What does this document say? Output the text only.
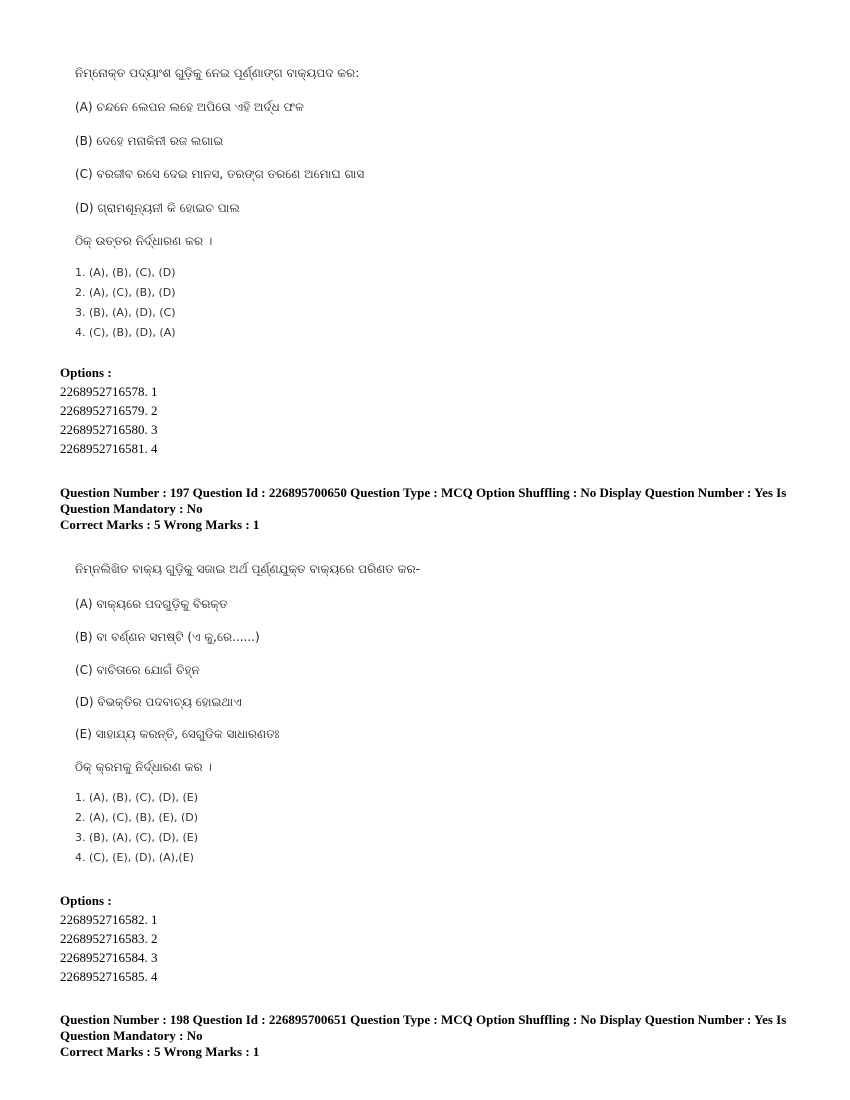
ନିମ୍ନୋକ୍ତ ପଦ୍ୟାଂଶ ଗୁଡ଼ିକୁ ନେଇ ପୂର୍ଣ୍ଣାଙ୍ଗ ବାକ୍ୟପଦ କର:
(A) ଚନ୍ଦନେ ଲେପନ ଲହେ ଅପିତୋ ଏହି ଅର୍ଦ୍ଧ ଫଳ
(B) ଦେହେ ମନାକିନୀ ରଜ ଲଗାଇ
(C) ବରଜୀବ ରସେ ଦେଇ ମାନସ, ତରଙ୍ଗ ତରଣେ ଅମୋଘ ଗାସ
(D) ଗ୍ରାମଶୂନ୍ୟନୀ କି ହୋଇଚ ପାଲ
ଠିକ୍ ଉତ୍ତର ନିର୍ଦ୍ଧାରଣ କର ।
1. (A), (B), (C), (D)
2. (A), (C), (B), (D)
3. (B), (A), (D), (C)
4. (C), (B), (D), (A)
Options :
2268952716578. 1
2268952716579. 2
2268952716580. 3
2268952716581. 4
Question Number : 197 Question Id : 226895700650 Question Type : MCQ Option Shuffling : No Display Question Number : Yes Is
Question Mandatory : No
Correct Marks : 5 Wrong Marks : 1
ନିମ୍ନଲିଖିତ ବାକ୍ୟ ଗୁଡ଼ିକୁ ସଜାଇ ଅର୍ଥ ପୂର୍ଣ୍ଣଯୁକ୍ତ ବାକ୍ୟରେ ପରିଣତ କର-
(A) ବାକ୍ୟରେ ପଦଗୁଡ଼ିକୁ ବିରକ୍ତ
(B) ବା ବର୍ଣ୍ଣନ ସମଷ୍ଟି (ଏ କୁ,ରେ......)
(C) ବାଚିତାରେ ଯୋଗଁ ଚିହ୍ନ
(D) ବିଭକ୍ତିର ପଦବାଚ୍ୟ ହୋଇଥାଏ
(E) ସାହାଯ୍ୟ କରନ୍ତି, ସେଗୁଡିକ ସାଧାରଣତଃ
ଠିକ୍ କ୍ରମକୁ ନିର୍ଦ୍ଧାରଣ କର ।
1. (A), (B), (C), (D), (E)
2. (A), (C), (B), (E), (D)
3. (B), (A), (C), (D), (E)
4. (C), (E), (D), (A),(E)
Options :
2268952716582. 1
2268952716583. 2
2268952716584. 3
2268952716585. 4
Question Number : 198 Question Id : 226895700651 Question Type : MCQ Option Shuffling : No Display Question Number : Yes Is
Question Mandatory : No
Correct Marks : 5 Wrong Marks : 1
